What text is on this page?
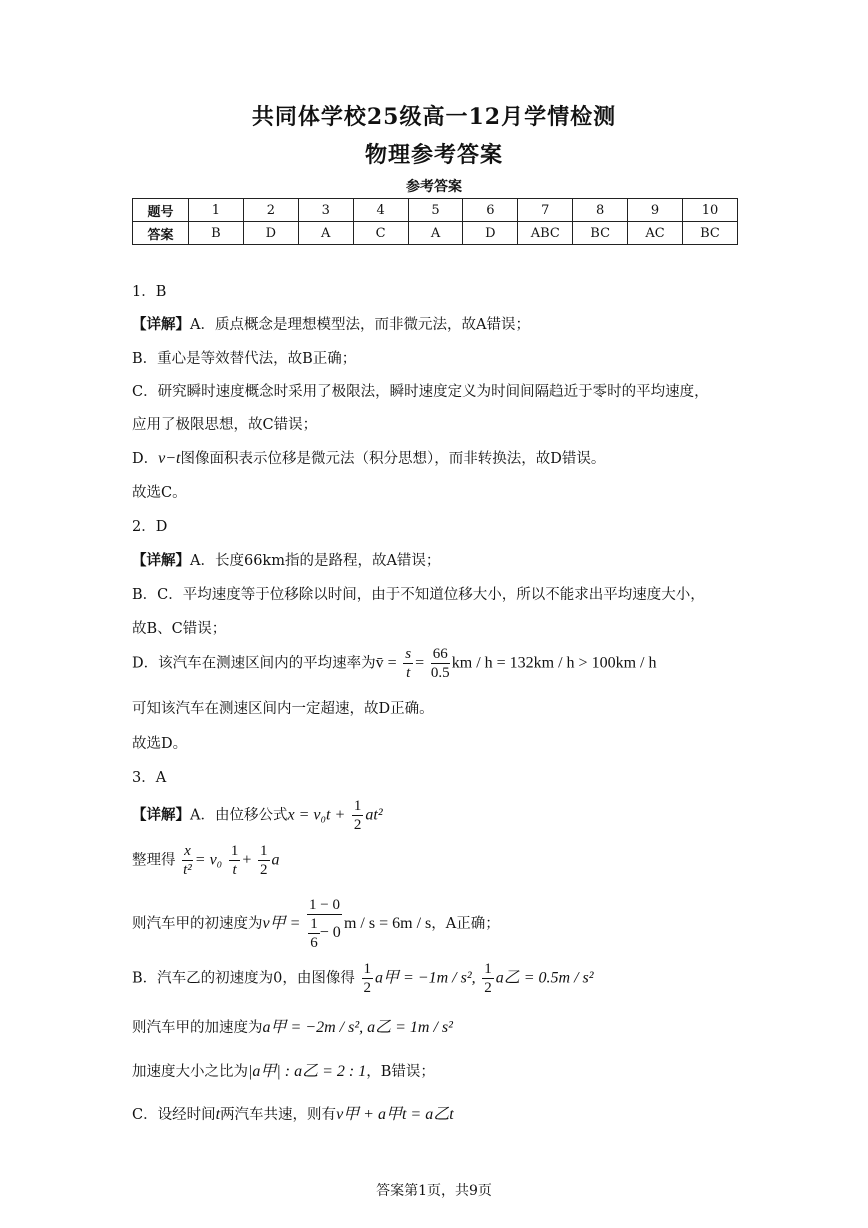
共同体学校25级高一12月学情检测
物理参考答案
参考答案
题号	1	2	3	4	5	6	7	8	9	10
答案	B	D	A	C	A	D	ABC	BC	AC	BC
1．B
【详解】A．质点概念是理想模型法，而非微元法，故A错误；
B．重心是等效替代法，故B正确；
C．研究瞬时速度概念时采用了极限法，瞬时速度定义为时间间隔趋近于零时的平均速度，
应用了极限思想，故C错误；
D．v−t图像面积表示位移是微元法（积分思想），而非转换法，故D错误。
故选C。
2．D
【详解】A．长度66km指的是路程，故A错误；
B．C．平均速度等于位移除以时间，由于不知道位移大小，所以不能求出平均速度大小，
故B、C错误；
D．该汽车在测速区间内的平均速率为v̄ = $\frac{s}{t} = \frac{66}{0.5}$ km / h = 132km / h > 100km / h
可知该汽车在测速区间内一定超速，故D正确。
故选D。
3．A
【详解】A．由位移公式$x = v_0t + \frac{1}{2} at^2$
整理得 $\frac{x}{\text{t²}} = v_0 \frac{1}{t} + \frac{1}{2}$ a
则汽车甲的初速度为v甲 = $\frac{1 - 0}{\frac{1}{6} - 0}$ m / s = 6m / s，A正确；
B．汽车乙的初速度为0，由图像得 $\frac{1}{2}$ a甲 = −1m / s², $\frac{1}{2}$ a乙 = 0.5m / s²
则汽车甲的加速度为a甲 = −2m / s², a乙 = 1m / s²
加速度大小之比为|a甲| : a乙 = 2 : 1，B错误；
C．设经时间t两汽车共速，则有v甲 + a甲t = a乙t
答案第1页，共9页
